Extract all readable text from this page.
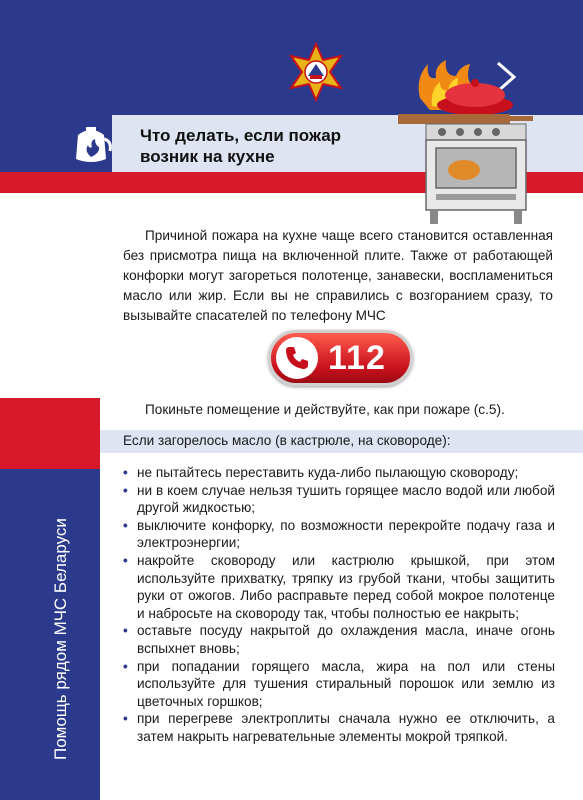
Что делать, если пожар возник на кухне
Причиной пожара на кухне чаще всего становится оставленная без присмотра пища на включенной плите. Также от работающей конфорки могут загореться полотенце, занавески, воспламениться масло или жир. Если вы не справились с возгоранием сразу, то вызывайте спасателей по телефону МЧС
112
Покиньте помещение и действуйте, как при пожаре (с.5).
Помощь рядом МЧС Беларуси
Если загорелось масло (в кастрюле, на сковороде):
• не пытайтесь переставить куда-либо пылающую сковороду;
• ни в коем случае нельзя тушить горящее масло водой или любой другой жидкостью;
• выключите конфорку, по возможности перекройте подачу газа и электроэнергии;
• накройте сковороду или кастрюлю крышкой, при этом используйте прихватку, тряпку из грубой ткани, чтобы защитить руки от ожогов. Либо расправьте перед собой мокрое полотенце и набросьте на сковороду так, чтобы полностью ее накрыть;
• оставьте посуду накрытой до охлаждения масла, иначе огонь вспыхнет вновь;
• при попадании горящего масла, жира на пол или стены используйте для тушения стиральный порошок или землю из цветочных горшков;
• при перегреве электроплиты сначала нужно ее отключить, а затем накрыть нагревательные элементы мокрой тряпкой.
